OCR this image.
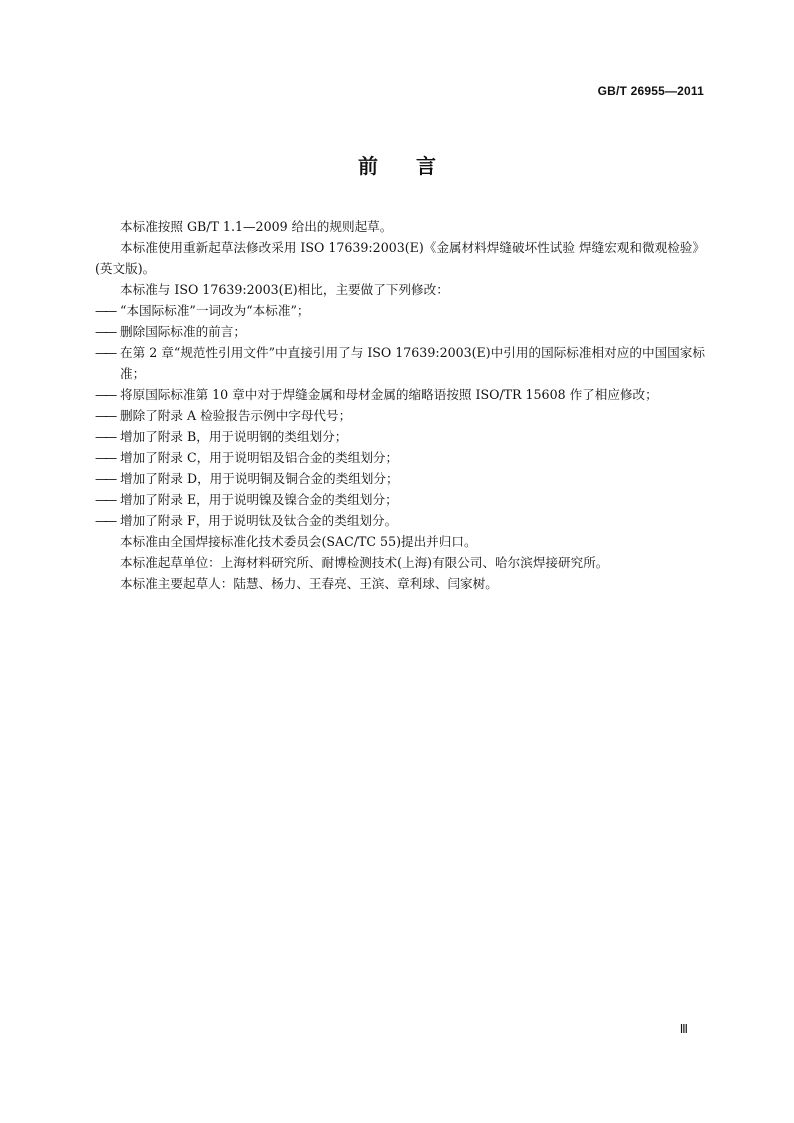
GB/T 26955—2011
前言

本标准按照 GB/T 1.1—2009 给出的规则起草。

本标准使用重新起草法修改采用 ISO 17639:2003(E)《金属材料焊缝破坏性试验 焊缝宏观和微观检验》(英文版)。

本标准与 ISO 17639:2003(E)相比，主要做了下列修改：

—— “本国际标准”一词改为“本标准”；
—— 删除国际标准的前言；
—— 在第 2 章“规范性引用文件”中直接引用了与 ISO 17639:2003(E)中引用的国际标准相对应的中国国家标准；
—— 将原国际标准第 10 章中对于焊缝金属和母材金属的缩略语按照 ISO/TR 15608 作了相应修改；
—— 删除了附录 A 检验报告示例中字母代号；
—— 增加了附录 B，用于说明钢的类组划分；
—— 增加了附录 C，用于说明铝及铝合金的类组划分；
—— 增加了附录 D，用于说明铜及铜合金的类组划分；
—— 增加了附录 E，用于说明镍及镍合金的类组划分；
—— 增加了附录 F，用于说明钛及钛合金的类组划分。

本标准由全国焊接标准化技术委员会(SAC/TC 55)提出并归口。

本标准起草单位：上海材料研究所、耐博检测技术(上海)有限公司、哈尔滨焊接研究所。

本标准主要起草人：陆慧、杨力、王春亮、王滨、章利球、闫家树。

Ⅲ
